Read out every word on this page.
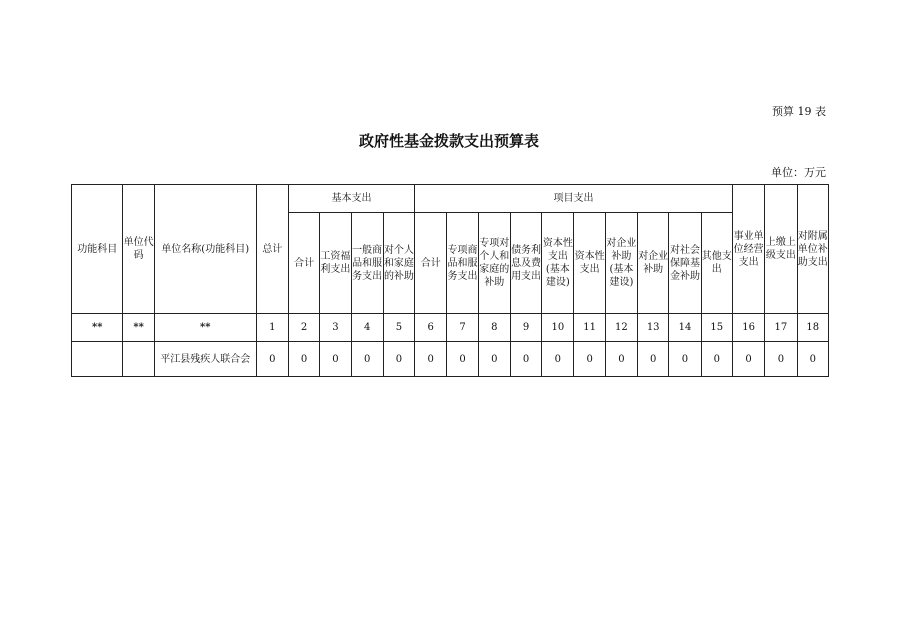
预算 19 表
政府性基金拨款支出预算表
单位：万元
功能科目	单位代码	单位名称(功能科目)	总计	基本支出				项目支出										事业单位经营支出	上缴上级支出	对附属单位补助支出
				合计	工资福利支出	一般商品和服务支出	对个人和家庭的补助	合计	专项商品和服务支出	专项对个人和家庭的补助	债务利息及费用支出	资本性支出(基本建设)	资本性支出	对企业补助(基本建设)	对企业补助	对社会保障基金补助	其他支出			
**	**	**	1	2	3	4	5	6	7	8	9	10	11	12	13	14	15	16	17	18
		平江县残疾人联合会	0	0	0	0	0	0	0	0	0	0	0	0	0	0	0	0	0	0
